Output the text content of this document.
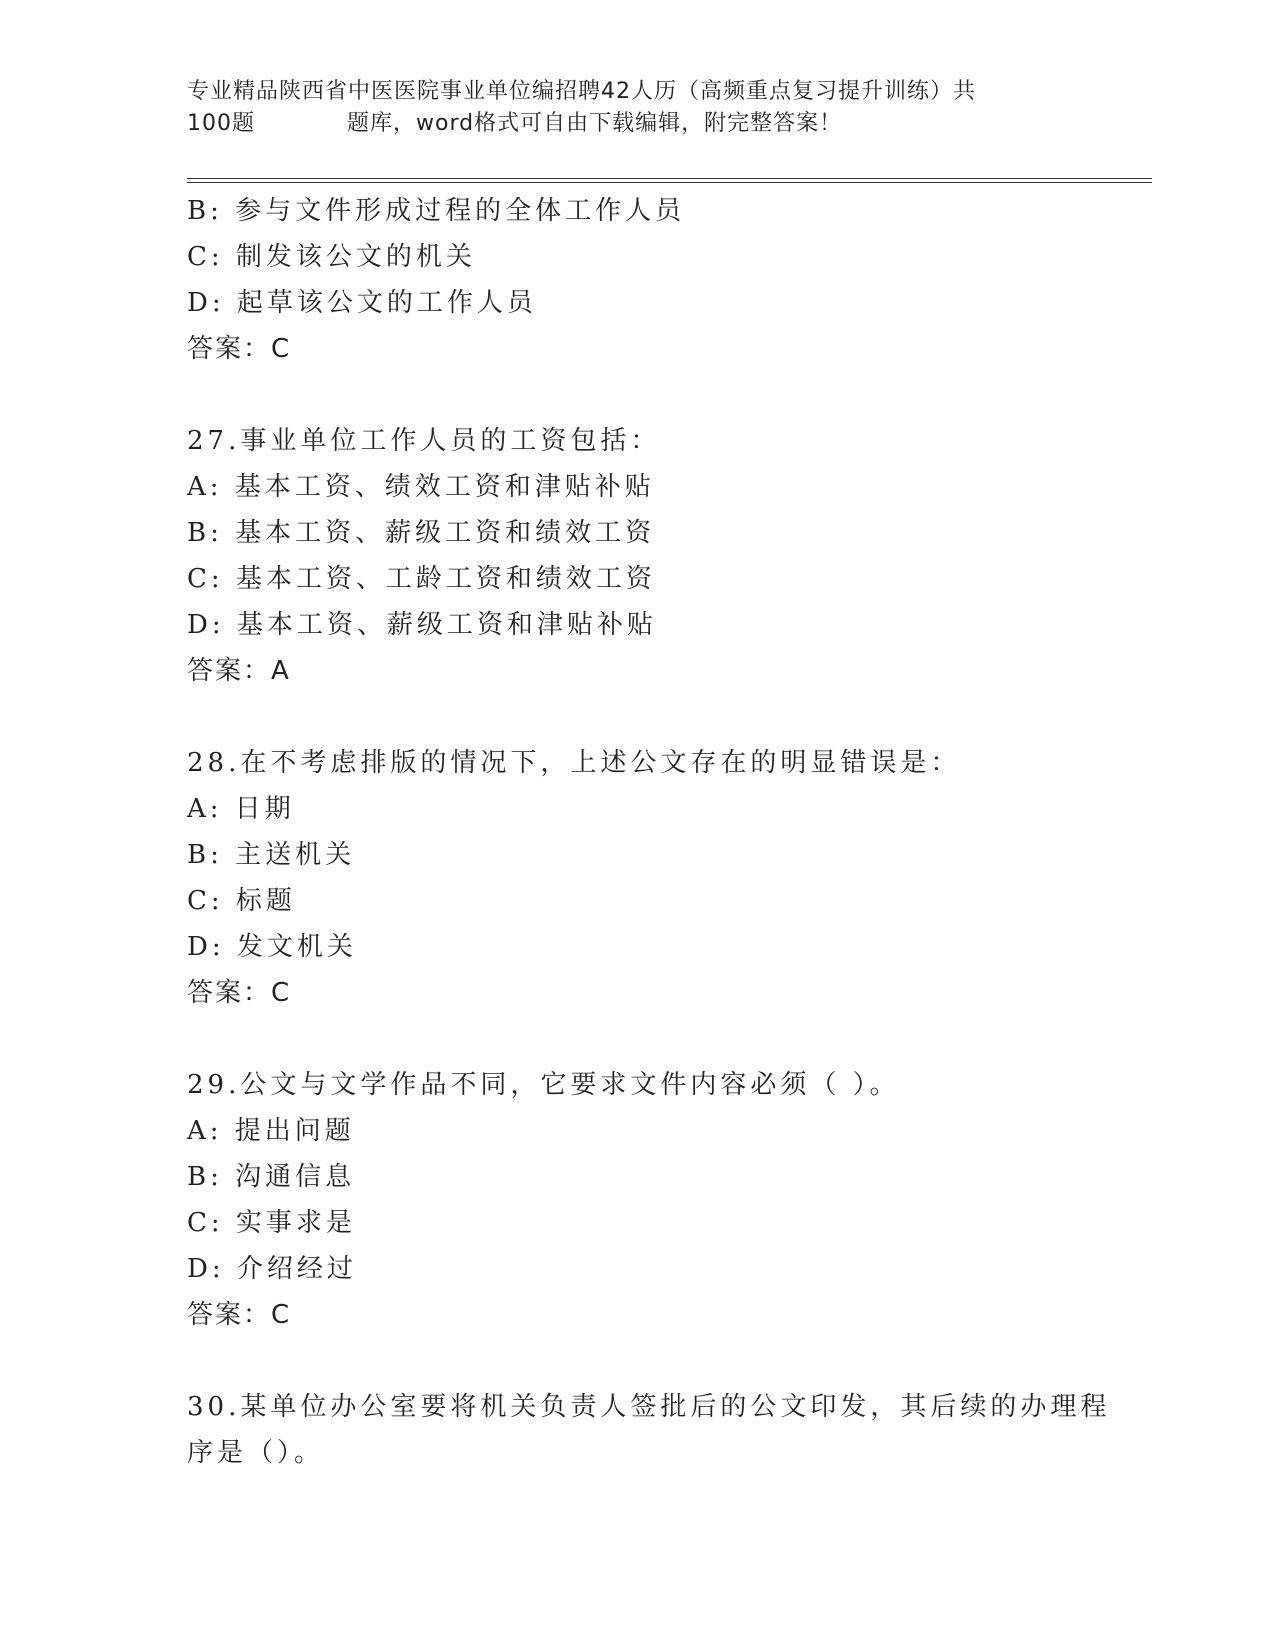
专业精品陕西省中医医院事业单位编招聘42人历（高频重点复习提升训练）共
100题	题库，word格式可自由下载编辑，附完整答案！
B: 参与文件形成过程的全体工作人员
C: 制发该公文的机关
D: 起草该公文的工作人员
答案：C
27.事业单位工作人员的工资包括：
A: 基本工资、绩效工资和津贴补贴
B: 基本工资、薪级工资和绩效工资
C: 基本工资、工龄工资和绩效工资
D: 基本工资、薪级工资和津贴补贴
答案：A
28.在不考虑排版的情况下，上述公文存在的明显错误是：
A: 日期
B: 主送机关
C: 标题
D: 发文机关
答案：C
29.公文与文学作品不同，它要求文件内容必须（ ）。
A: 提出问题
B: 沟通信息
C: 实事求是
D: 介绍经过
答案：C
30.某单位办公室要将机关负责人签批后的公文印发，其后续的办理程
序是（）。
